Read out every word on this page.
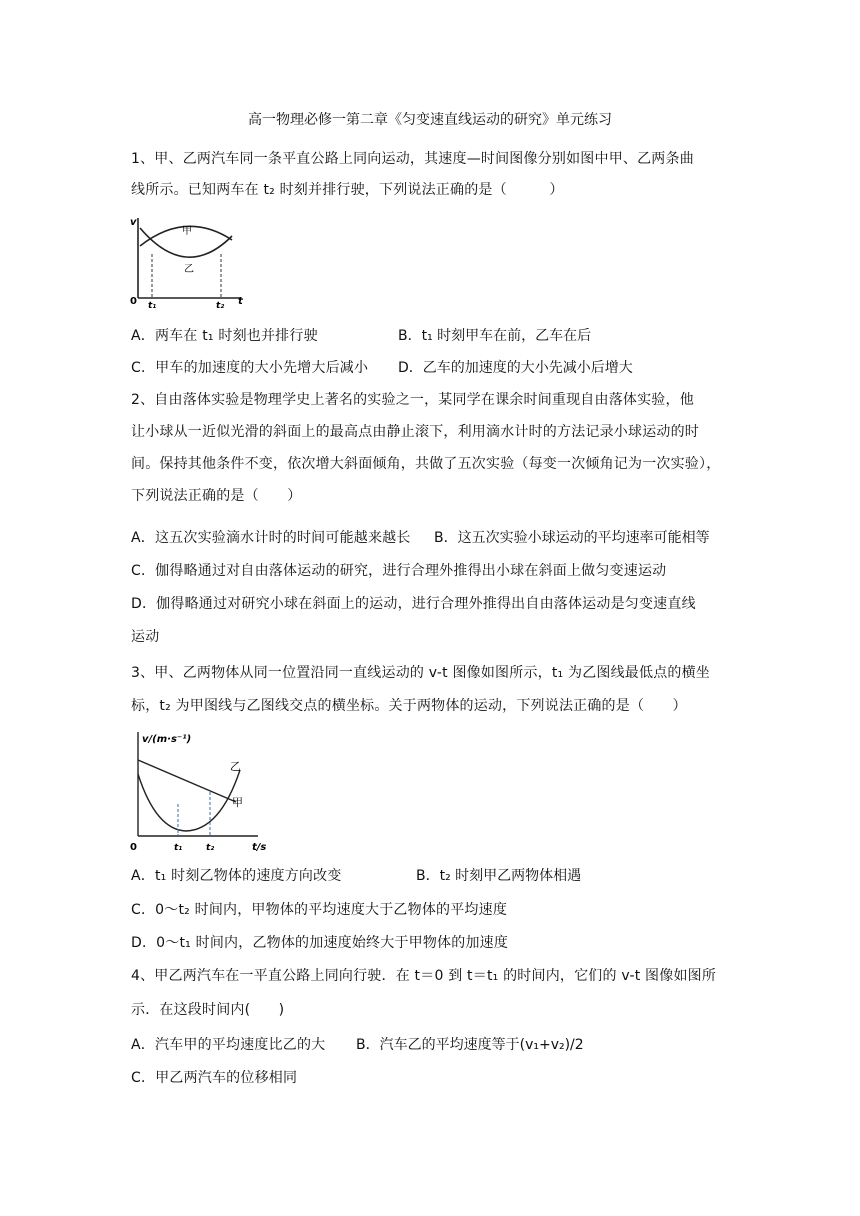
高一物理必修一第二章《匀变速直线运动的研究》单元练习
1、甲、乙两汽车同一条平直公路上同向运动，其速度—时间图像分别如图中甲、乙两条曲
线所示。已知两车在 t₂ 时刻并排行驶，下列说法正确的是（　　　）
v
甲
乙
0 t₁	t₂ t
A．两车在 t₁ 时刻也并排行驶	B．t₁ 时刻甲车在前，乙车在后
C．甲车的加速度的大小先增大后减小 D．乙车的加速度的大小先减小后增大
2、自由落体实验是物理学史上著名的实验之一，某同学在课余时间重现自由落体实验，他
让小球从一近似光滑的斜面上的最高点由静止滚下，利用滴水计时的方法记录小球运动的时
间。保持其他条件不变，依次增大斜面倾角，共做了五次实验（每变一次倾角记为一次实验），
下列说法正确的是（　　）
A．这五次实验滴水计时的时间可能越来越长 B．这五次实验小球运动的平均速率可能相等
C．伽得略通过对自由落体运动的研究，进行合理外推得出小球在斜面上做匀变速运动
D．伽得略通过对研究小球在斜面上的运动，进行合理外推得出自由落体运动是匀变速直线
运动
3、甲、乙两物体从同一位置沿同一直线运动的 v-t 图像如图所示，t₁ 为乙图线最低点的横坐
标，t₂ 为甲图线与乙图线交点的横坐标。关于两物体的运动，下列说法正确的是（　　）
v/(m·s⁻¹)
乙
甲
0	t₁	t₂	t/s
A．t₁ 时刻乙物体的速度方向改变	B．t₂ 时刻甲乙两物体相遇
C．0～t₂ 时间内，甲物体的平均速度大于乙物体的平均速度
D．0～t₁ 时间内，乙物体的加速度始终大于甲物体的加速度
4、甲乙两汽车在一平直公路上同向行驶．在 t＝0 到 t＝t₁ 的时间内，它们的 v-t 图像如图所
示．在这段时间内(　　)
A．汽车甲的平均速度比乙的大 B．汽车乙的平均速度等于(v₁+v₂)/2
C．甲乙两汽车的位移相同
